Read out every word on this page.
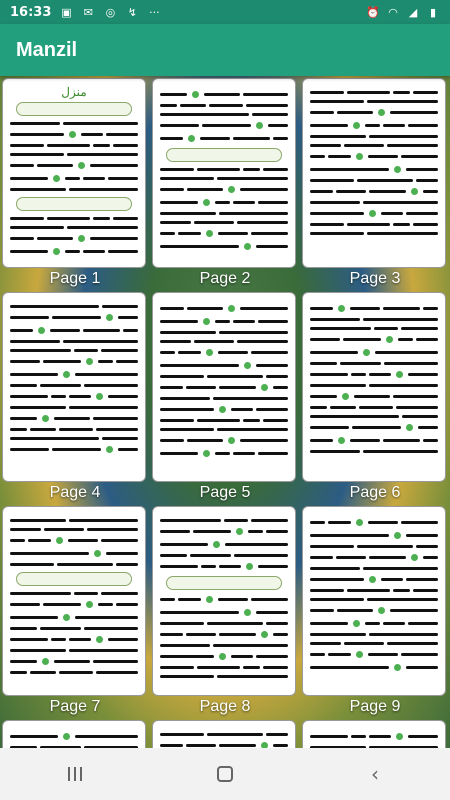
16:33 ▣ ✉ ◎ ↯ ···	⏰ ◠ ◢	▮
Manzil
منزل
Page 1	Page 2	Page 3
Page 4	Page 5	Page 6
Page 7	Page 8	Page 9
‹
